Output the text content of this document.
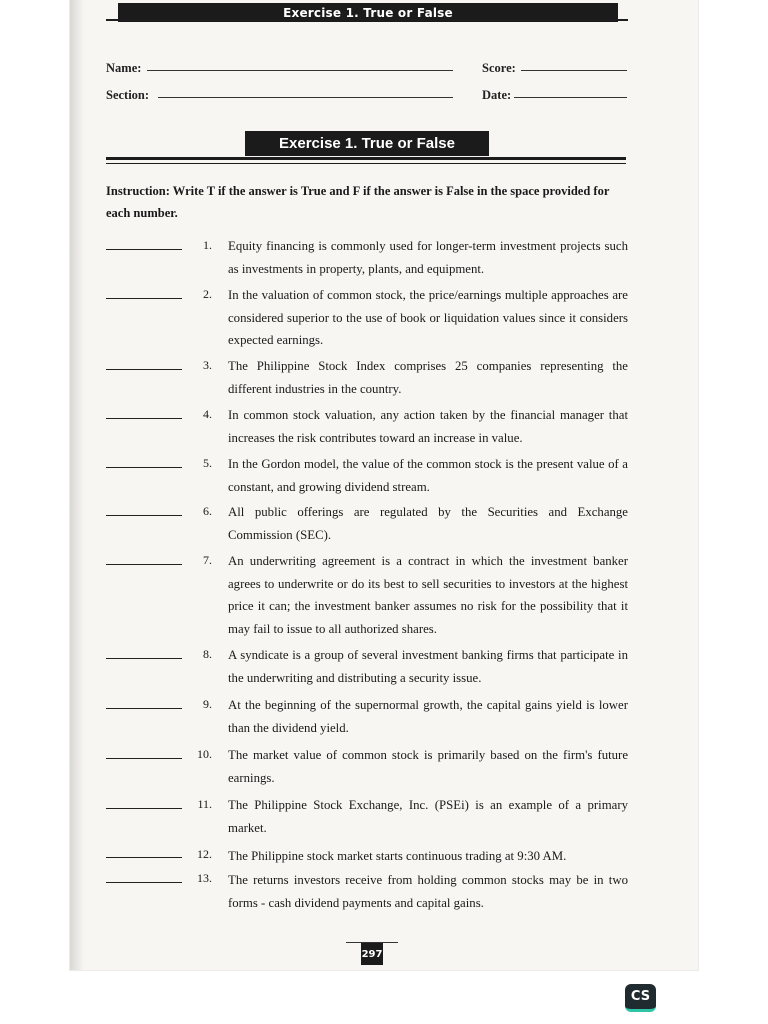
Exercise 1. True or False
Name:	Score:
Section:	Date:
Exercise 1. True or False
Instruction: Write T if the answer is True and F if the answer is False in the space provided for each number.
1. Equity financing is commonly used for longer-term investment projects such as investments in property, plants, and equipment.
2. In the valuation of common stock, the price/earnings multiple approaches are considered superior to the use of book or liquidation values since it considers expected earnings.
3. The Philippine Stock Index comprises 25 companies representing the different industries in the country.
4. In common stock valuation, any action taken by the financial manager that increases the risk contributes toward an increase in value.
5. In the Gordon model, the value of the common stock is the present value of a constant, and growing dividend stream.
6. All public offerings are regulated by the Securities and Exchange Commission (SEC).
7. An underwriting agreement is a contract in which the investment banker agrees to underwrite or do its best to sell securities to investors at the highest price it can; the investment banker assumes no risk for the possibility that it may fail to issue to all authorized shares.
8. A syndicate is a group of several investment banking firms that participate in the underwriting and distributing a security issue.
9. At the beginning of the supernormal growth, the capital gains yield is lower than the dividend yield.
10. The market value of common stock is primarily based on the firm's future earnings.
11. The Philippine Stock Exchange, Inc. (PSEi) is an example of a primary market.
12. The Philippine stock market starts continuous trading at 9:30 AM.
13. The returns investors receive from holding common stocks may be in two forms - cash dividend payments and capital gains.
297
CS
